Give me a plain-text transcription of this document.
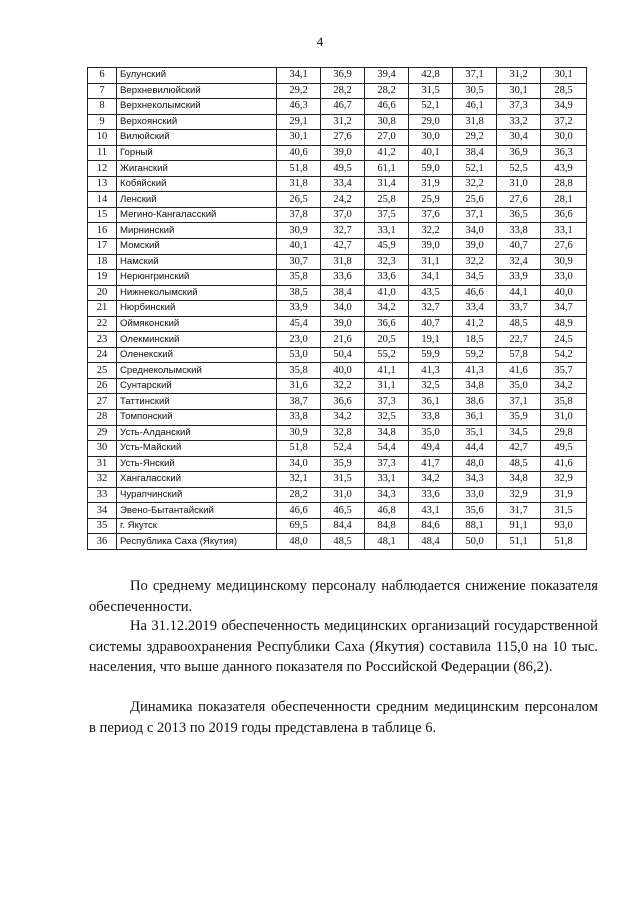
4
6	Булунский	34,1	36,9	39,4	42,8	37,1	31,2	30,1
7	Верхневилюйский	29,2	28,2	28,2	31,5	30,5	30,1	28,5
8	Верхнеколымский	46,3	46,7	46,6	52,1	46,1	37,3	34,9
9	Верхоянский	29,1	31,2	30,8	29,0	31,8	33,2	37,2
10	Вилюйский	30,1	27,6	27,0	30,0	29,2	30,4	30,0
11	Горный	40,6	39,0	41,2	40,1	38,4	36,9	36,3
12	Жиганский	51,8	49,5	61,1	59,0	52,1	52,5	43,9
13	Кобяйский	31,8	33,4	31,4	31,9	32,2	31,0	28,8
14	Ленский	26,5	24,2	25,8	25,9	25,6	27,6	28,1
15	Мегино-Кангаласский	37,8	37,0	37,5	37,6	37,1	36,5	36,6
16	Мирнинский	30,9	32,7	33,1	32,2	34,0	33,8	33,1
17	Момский	40,1	42,7	45,9	39,0	39,0	40,7	27,6
18	Намский	30,7	31,8	32,3	31,1	32,2	32,4	30,9
19	Нерюнгринский	35,8	33,6	33,6	34,1	34,5	33,9	33,0
20	Нижнеколымский	38,5	38,4	41,0	43,5	46,6	44,1	40,0
21	Нюрбинский	33,9	34,0	34,2	32,7	33,4	33,7	34,7
22	Оймяконский	45,4	39,0	36,6	40,7	41,2	48,5	48,9
23	Олекминский	23,0	21,6	20,5	19,1	18,5	22,7	24,5
24	Оленекский	53,0	50,4	55,2	59,9	59,2	57,8	54,2
25	Среднеколымский	35,8	40,0	41,1	41,3	41,3	41,6	35,7
26	Сунтарский	31,6	32,2	31,1	32,5	34,8	35,0	34,2
27	Таттинский	38,7	36,6	37,3	36,1	38,6	37,1	35,8
28	Томпонский	33,8	34,2	32,5	33,8	36,1	35,9	31,0
29	Усть-Алданский	30,9	32,8	34,8	35,0	35,1	34,5	29,8
30	Усть-Майский	51,8	52,4	54,4	49,4	44,4	42,7	49,5
31	Усть-Янский	34,0	35,9	37,3	41,7	48,0	48,5	41,6
32	Хангаласский	32,1	31,5	33,1	34,2	34,3	34,8	32,9
33	Чурапчинский	28,2	31,0	34,3	33,6	33,0	32,9	31,9
34	Эвено-Бытантайский	46,6	46,5	46,8	43,1	35,6	31,7	31,5
35	г. Якутск	69,5	84,4	84,8	84,6	88,1	91,1	93,0
36	Республика Саха (Якутия)	48,0	48,5	48,1	48,4	50,0	51,1	51,8

По среднему медицинскому персоналу наблюдается снижение показателя обеспеченности.

На 31.12.2019 обеспеченность медицинских организаций государственной системы здравоохранения Республики Саха (Якутия) составила 115,0 на 10 тыс. населения, что выше данного показателя по Российской Федерации (86,2).

Динамика показателя обеспеченности средним медицинским персоналом в период с 2013 по 2019 годы представлена в таблице 6.
